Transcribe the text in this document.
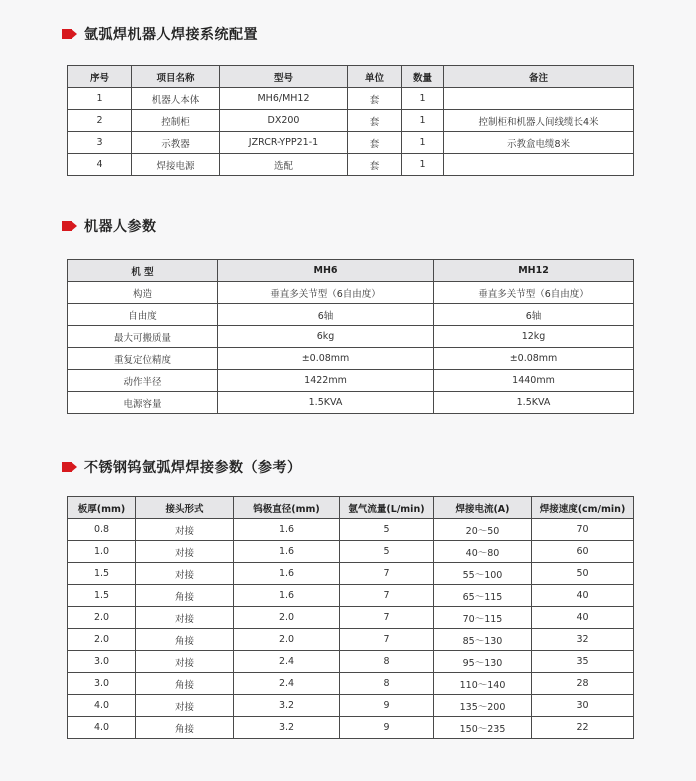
氩弧焊机器人焊接系统配置
序号	项目名称	型号	单位	数量	备注
1	机器人本体	MH6/MH12	套	1	
2	控制柜	DX200	套	1	控制柜和机器人间线缆长4米
3	示教器	JZRCR-YPP21-1	套	1	示教盒电缆8米
4	焊接电源	选配	套	1	
机器人参数
机 型	MH6	MH12
构造	垂直多关节型（6自由度）	垂直多关节型（6自由度）
自由度	6轴	6轴
最大可搬质量	6kg	12kg
重复定位精度	±0.08mm	±0.08mm
动作半径	1422mm	1440mm
电源容量	1.5KVA	1.5KVA
不锈钢钨氩弧焊焊接参数（参考）
板厚(mm)	接头形式	钨极直径(mm)	氩气流量(L/min)	焊接电流(A)	焊接速度(cm/min)
0.8	对接	1.6	5	20～50	70
1.0	对接	1.6	5	40～80	60
1.5	对接	1.6	7	55～100	50
1.5	角接	1.6	7	65～115	40
2.0	对接	2.0	7	70～115	40
2.0	角接	2.0	7	85～130	32
3.0	对接	2.4	8	95～130	35
3.0	角接	2.4	8	110～140	28
4.0	对接	3.2	9	135～200	30
4.0	角接	3.2	9	150～235	22
